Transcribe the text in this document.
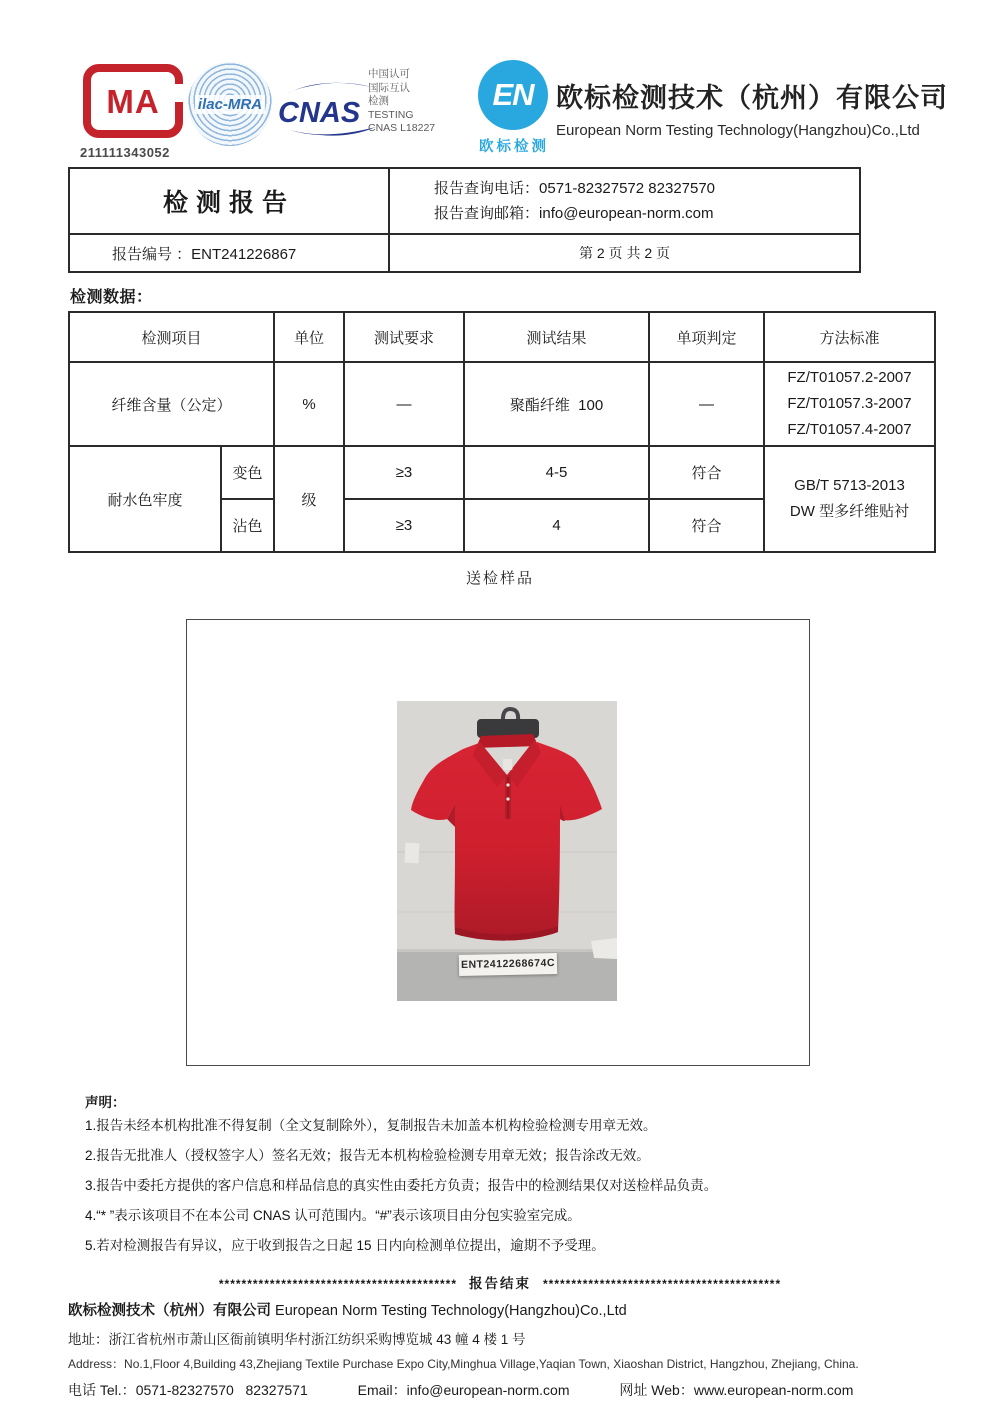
MA
211111343052
ilac-MRA CNAS
中国认可
国际互认
检测
TESTING
CNAS L18227
EN
欧标检测
欧标检测技术（杭州）有限公司
European Norm Testing Technology(Hangzhou)Co.,Ltd
检测报告	报告查询电话：0571-82327572 82327570
报告查询邮箱：info@european-norm.com

报告编号 ：ENT241226867	第 2 页 共 2 页
检测数据：
检测项目		单位	测试要求	测试结果	单项判定	方法标准
纤维含量（公定）		%	—	聚酯纤维  100	—	FZ/T01057.2-2007
FZ/T01057.3-2007
FZ/T01057.4-2007

耐水色牢度	变色	级	≥3	4-5	符合	GB/T 5713-2013
DW 型多纤维贴衬

	沾色		≥3	4	符合	
送检样品
ENT2412268674C
声明：
1.报告未经本机构批准不得复制（全文复制除外），复制报告未加盖本机构检验检测专用章无效。
2.报告无批准人（授权签字人）签名无效；报告无本机构检验检测专用章无效；报告涂改无效。
3.报告中委托方提供的客户信息和样品信息的真实性由委托方负责；报告中的检测结果仅对送检样品负责。
4.“* ”表示该项目不在本公司 CNAS 认可范围内。“#”表示该项目由分包实验室完成。
5.若对检测报告有异议，应于收到报告之日起 15 日内向检测单位提出，逾期不予受理。
****************************************** 报告结束 ******************************************
欧标检测技术（杭州）有限公司 European Norm Testing Technology(Hangzhou)Co.,Ltd
地址：浙江省杭州市萧山区衙前镇明华村浙江纺织采购博览城 43 幢 4 楼 1 号
Address：No.1,Floor 4,Building 43,Zhejiang Textile Purchase Expo City,Minghua Village,Yaqian Town, Xiaoshan District, Hangzhou, Zhejiang, China.
电话 Tel.：0571-82327570   82327571	Email：info@european-norm.com	网址 Web：www.european-norm.com
